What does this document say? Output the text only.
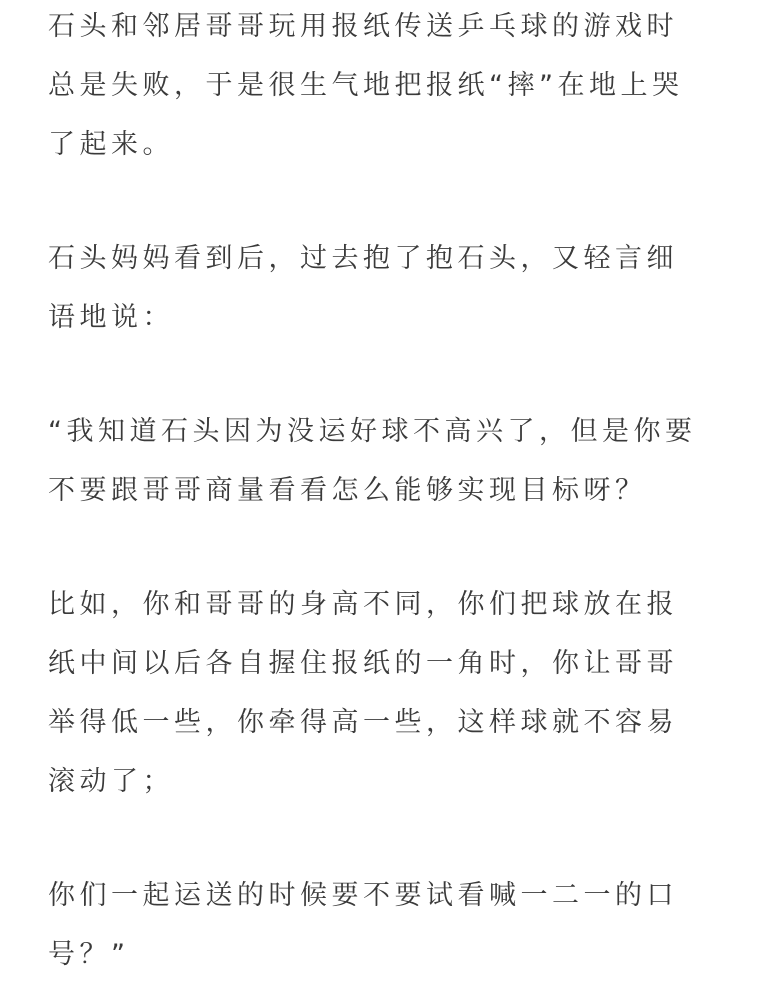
石头和邻居哥哥玩用报纸传送乒乓球的游戏时
总是失败，于是很生气地把报纸“摔”在地上哭
了起来。
石头妈妈看到后，过去抱了抱石头，又轻言细
语地说：
“我知道石头因为没运好球不高兴了，但是你要
不要跟哥哥商量看看怎么能够实现目标呀？
比如，你和哥哥的身高不同，你们把球放在报
纸中间以后各自握住报纸的一角时，你让哥哥
举得低一些，你牵得高一些，这样球就不容易
滚动了；
你们一起运送的时候要不要试看喊一二一的口
号？”
